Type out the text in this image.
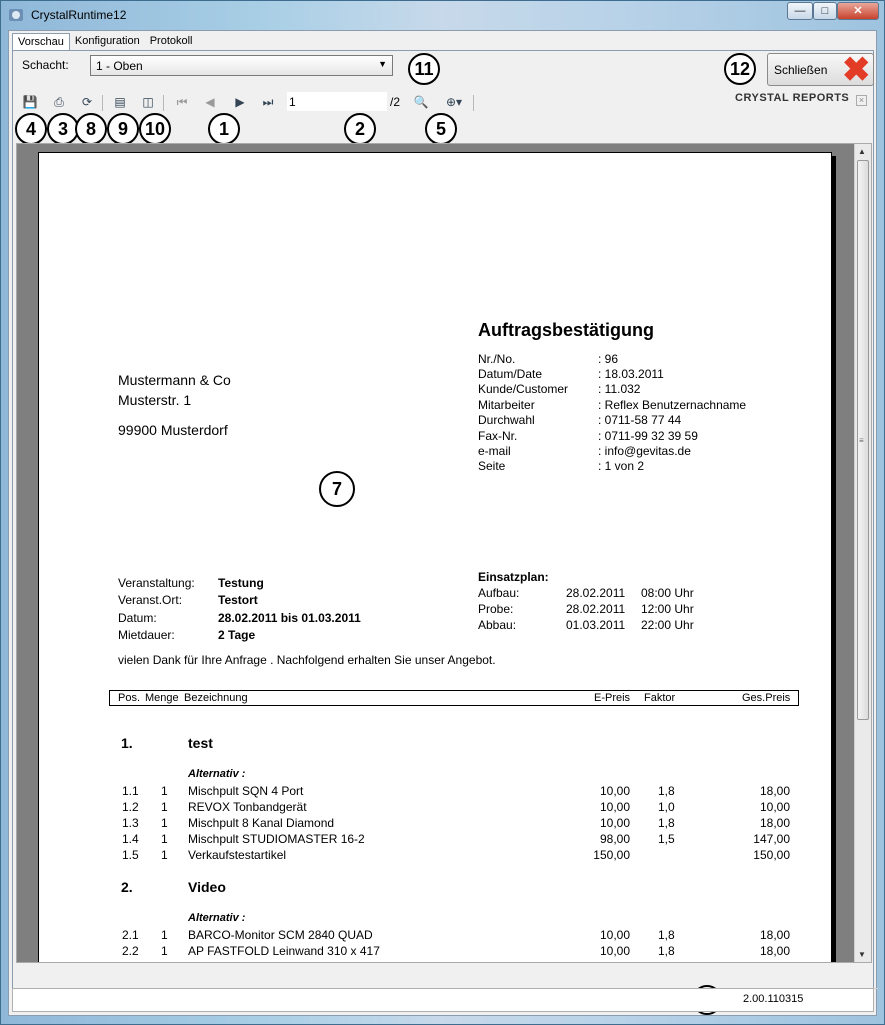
CrystalRuntime12	—	□	✕
Vorschau	Konfiguration Protokoll
Schacht:	1 - Oben	▼	11	12	Schließen ✖
💾	⎙	⟳	▤ ◫ ⏮	◀	▶	⏭
1	/2 🔍	⊕▾	CRYSTAL REPORTS	×
4	3 8	9 10	1	2	5
Auftragsbestätigung
Mustermann & Co
Musterstr. 1
99900 Musterdorf
Nr./No.	: 96
Datum/Date	: 18.03.2011
Kunde/Customer : 11.032
Mitarbeiter	: Reflex Benutzernachname
Durchwahl	: 0711-58 77 44
Fax-Nr.	: 0711-99 32 39 59
e-mail	: info@gevitas.de
Seite	: 1 von 2
7
Veranstaltung: Testung
Veranst.Ort:	Testort
Datum:	28.02.2011 bis 01.03.2011
Mietdauer:	2 Tage
Einsatzplan:
Aufbau:	28.02.2011 08:00 Uhr
Probe:	28.02.2011 12:00 Uhr
Abbau:	01.03.2011 22:00 Uhr
vielen Dank für Ihre Anfrage . Nachfolgend erhalten Sie unser Angebot.
Pos. Menge Bezeichnung	E-Preis Faktor	Ges.Preis
1.	test
Alternativ :
1.1 1 Mischpult SQN 4 Port	10,00 1,8	18,00
1.2 1 REVOX Tonbandgerät	10,00 1,0	10,00
1.3 1 Mischpult 8 Kanal Diamond	10,00 1,8	18,00
1.4 1 Mischpult STUDIOMASTER 16-2	98,00 1,5	147,00
1.5 1 Verkaufstestartikel	150,00	150,00
2.	Video
Alternativ :
2.1 1 BARCO-Monitor SCM 2840 QUAD	10,00 1,8	18,00
2.2 1 AP FASTFOLD Leinwand 310 x 417	10,00 1,8	18,00
▲
≡
▼
2.00.110315
